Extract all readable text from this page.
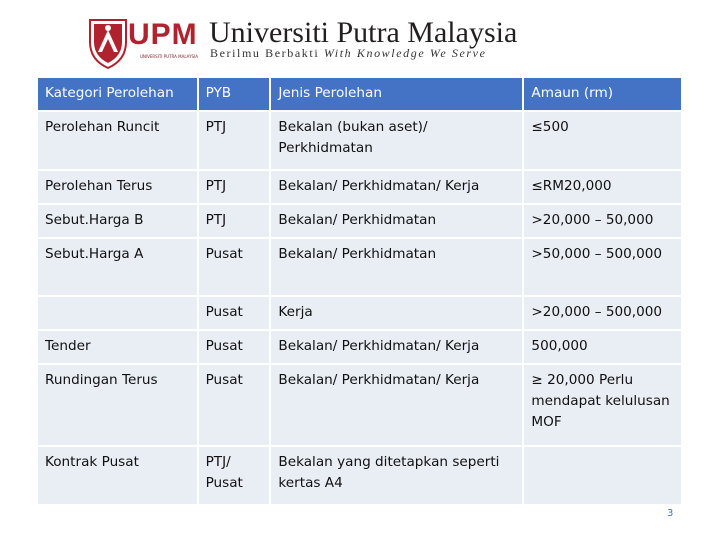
UPM
UNIVERSITI PUTRA MALAYSIA
Universiti Putra Malaysia
Berilmu Berbakti With Knowledge We Serve
Kategori Perolehan	PYB	Jenis Perolehan	Amaun (rm)
Perolehan Runcit	PTJ	Bekalan (bukan aset)/ Perkhidmatan	≤500
Perolehan Terus	PTJ	Bekalan/ Perkhidmatan/ Kerja	≤RM20,000
Sebut.Harga B	PTJ	Bekalan/ Perkhidmatan	>20,000 – 50,000
Sebut.Harga A	Pusat	Bekalan/ Perkhidmatan	>50,000 – 500,000
	Pusat	Kerja	>20,000 – 500,000
Tender	Pusat	Bekalan/ Perkhidmatan/ Kerja	500,000
Rundingan Terus	Pusat	Bekalan/ Perkhidmatan/ Kerja	≥ 20,000 Perlu mendapat kelulusan MOF
Kontrak Pusat	PTJ/ Pusat	Bekalan yang ditetapkan seperti kertas A4	
3
